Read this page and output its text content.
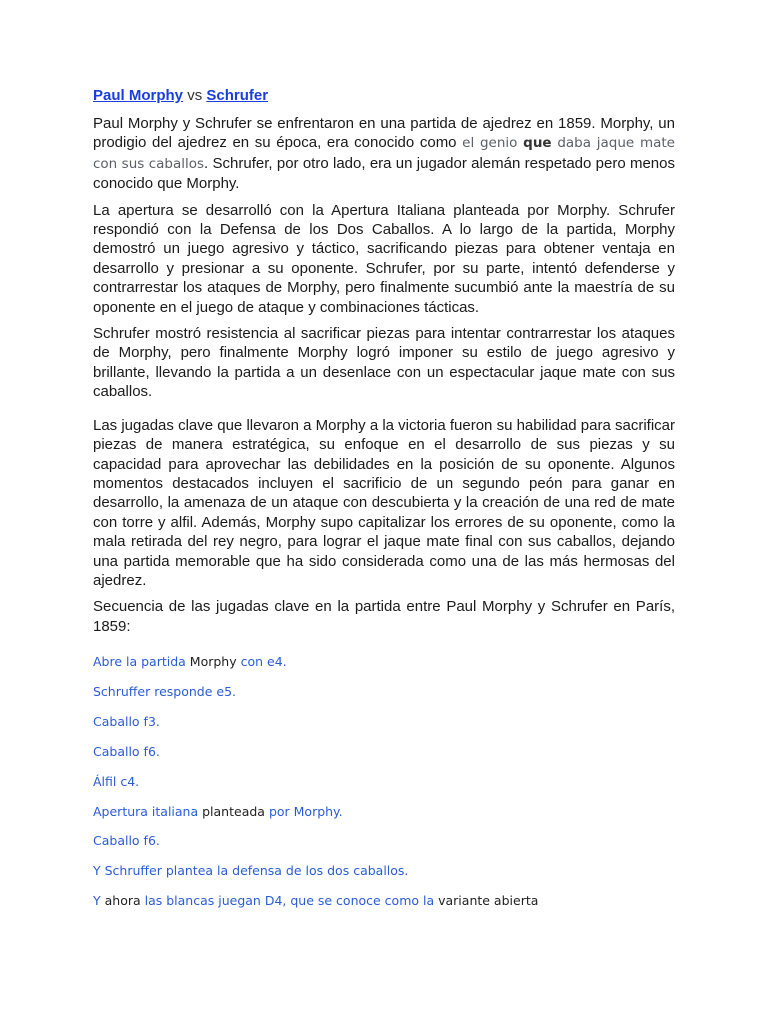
Paul Morphy vs Schrufer

Paul Morphy y Schrufer se enfrentaron en una partida de ajedrez en 1859. Morphy, un prodigio del ajedrez en su época, era conocido como el genio que daba jaque mate con sus caballos. Schrufer, por otro lado, era un jugador alemán respetado pero menos conocido que Morphy.

La apertura se desarrolló con la Apertura Italiana planteada por Morphy. Schrufer respondió con la Defensa de los Dos Caballos. A lo largo de la partida, Morphy demostró un juego agresivo y táctico, sacrificando piezas para obtener ventaja en desarrollo y presionar a su oponente. Schrufer, por su parte, intentó defenderse y contrarrestar los ataques de Morphy, pero finalmente sucumbió ante la maestría de su oponente en el juego de ataque y combinaciones tácticas.

Schrufer mostró resistencia al sacrificar piezas para intentar contrarrestar los ataques de Morphy, pero finalmente Morphy logró imponer su estilo de juego agresivo y brillante, llevando la partida a un desenlace con un espectacular jaque mate con sus caballos.

Las jugadas clave que llevaron a Morphy a la victoria fueron su habilidad para sacrificar piezas de manera estratégica, su enfoque en el desarrollo de sus piezas y su capacidad para aprovechar las debilidades en la posición de su oponente. Algunos momentos destacados incluyen el sacrificio de un segundo peón para ganar en desarrollo, la amenaza de un ataque con descubierta y la creación de una red de mate con torre y alfil. Además, Morphy supo capitalizar los errores de su oponente, como la mala retirada del rey negro, para lograr el jaque mate final con sus caballos, dejando una partida memorable que ha sido considerada como una de las más hermosas del ajedrez.

Secuencia de las jugadas clave en la partida entre Paul Morphy y Schrufer en París, 1859:

Abre la partida Morphy con e4.

Schruffer responde e5.

Caballo f3.

Caballo f6.

Álfil c4.

Apertura italiana planteada por Morphy.

Caballo f6.

Y Schruffer plantea la defensa de los dos caballos.

Y ahora las blancas juegan D4, que se conoce como la variante abierta
